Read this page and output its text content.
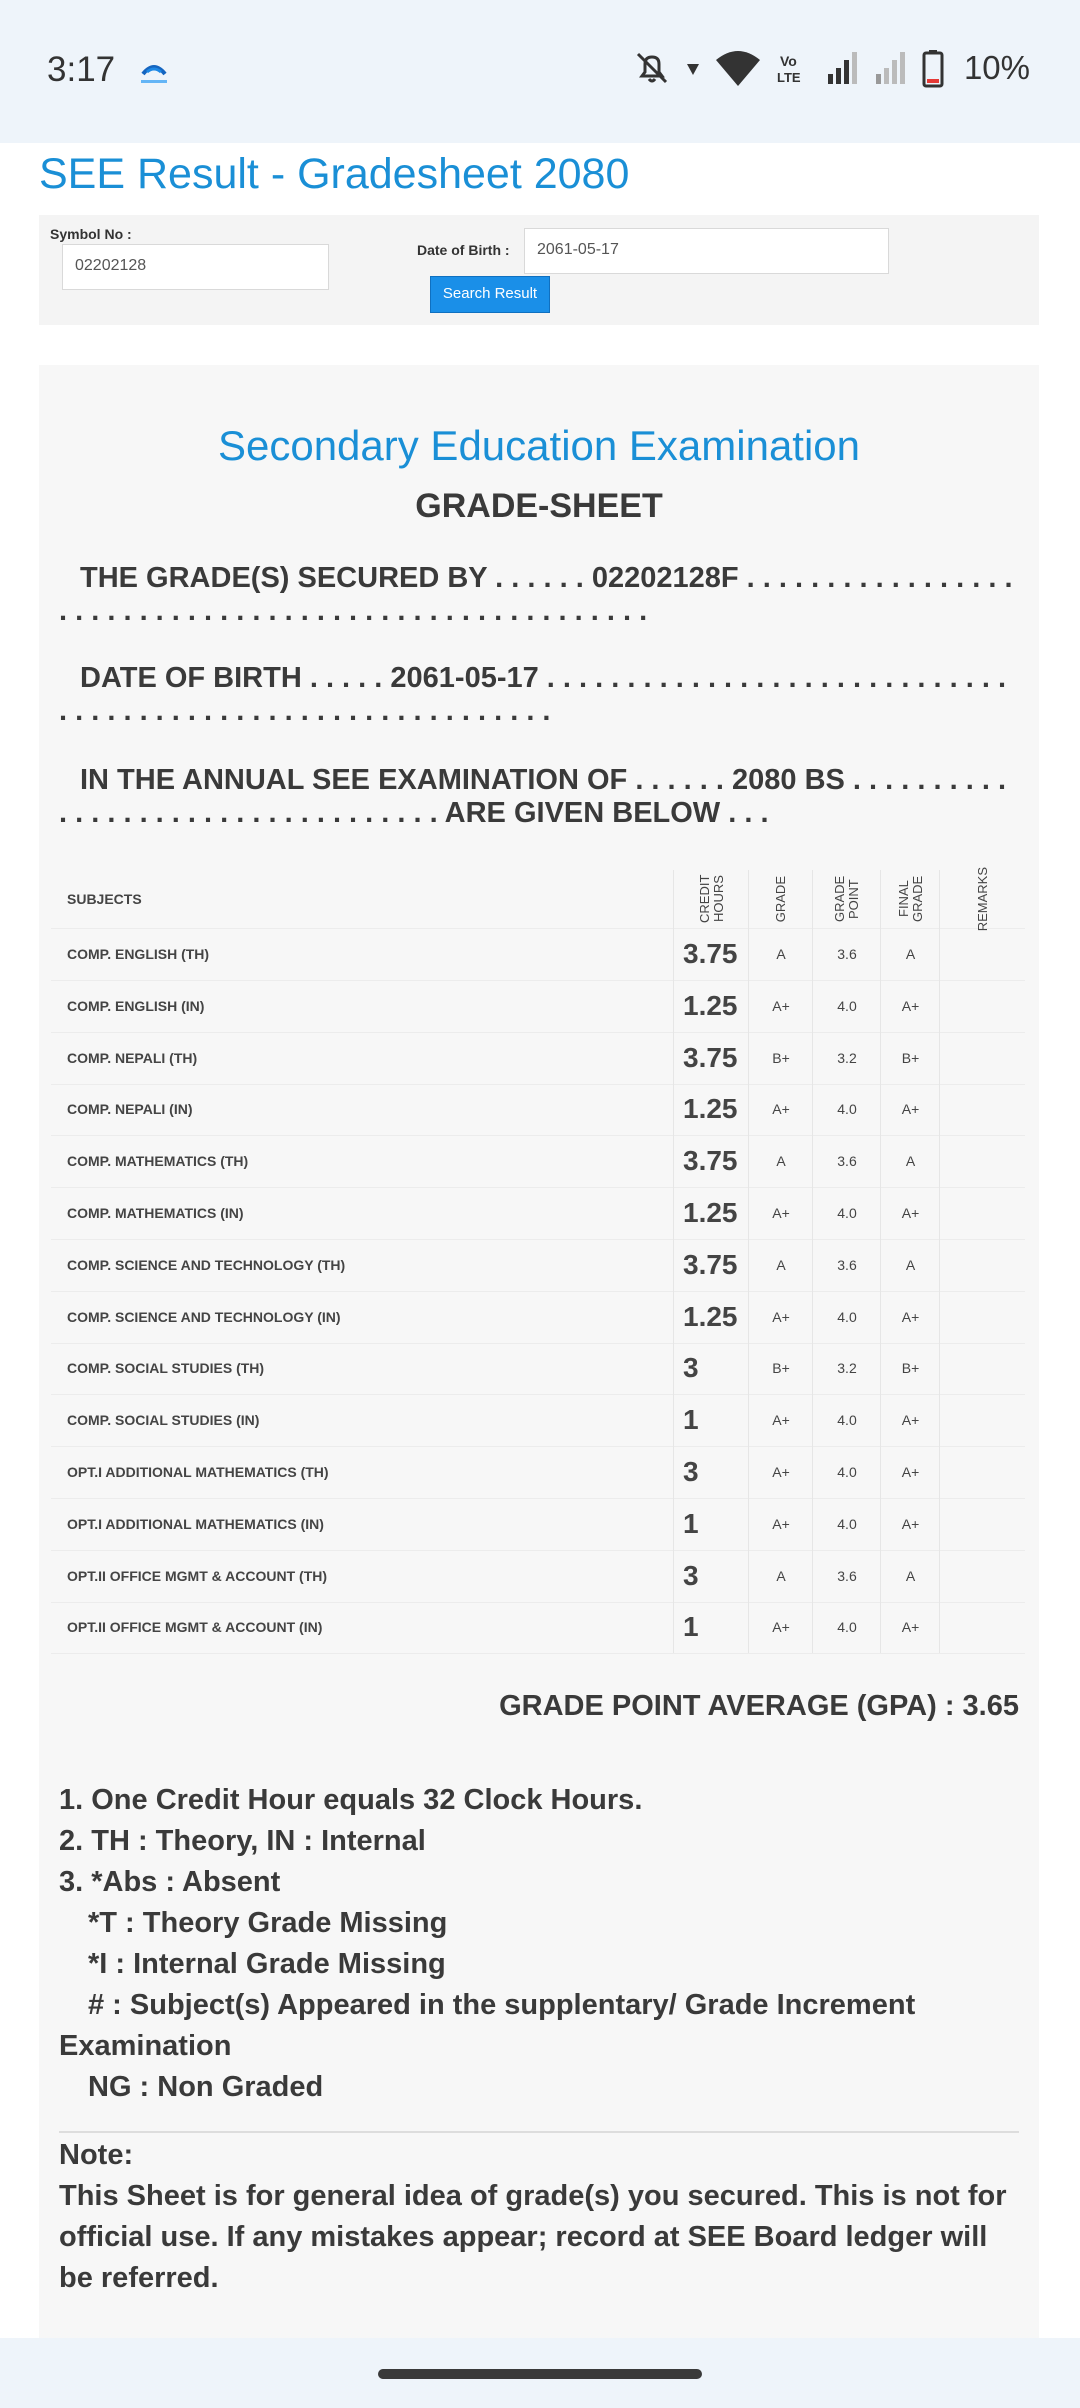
3:17	Vo
LTE	10%
SEE Result - Gradesheet 2080
Symbol No :
02202128
Date of Birth :	2061-05-17
Search Result
Secondary Education Examination
GRADE-SHEET
THE GRADE(S) SECURED BY . . . . . . 02202128F . . . . . . . . . . . . . . . . . . . . . . . . . . . . . . . . . . . . . . . . . . . . . . . . . . . . . .
DATE OF BIRTH . . . . . 2061-05-17 . . . . . . . . . . . . . . . . . . . . . . . . . . . . . . . . . . . . . . . . . . . . . . . . . . . . . . . . . . . .
IN THE ANNUAL SEE EXAMINATION OF . . . . . . 2080 BS . . . . . . . . . . . . . . . . . . . . . . . . . . . . . . . . . . ARE GIVEN BELOW . . .
SUBJECTS	CREDIT HOURS	GRADE	GRADE POINT	FINAL GRADE	REMARKS
COMP. ENGLISH (TH)	3.75	A	3.6	A
COMP. ENGLISH (IN)	1.25	A+	4.0	A+
COMP. NEPALI (TH)	3.75	B+	3.2	B+
COMP. NEPALI (IN)	1.25	A+	4.0	A+
COMP. MATHEMATICS (TH)	3.75	A	3.6	A
COMP. MATHEMATICS (IN)	1.25	A+	4.0	A+
COMP. SCIENCE AND TECHNOLOGY (TH)	3.75	A	3.6	A
COMP. SCIENCE AND TECHNOLOGY (IN)	1.25	A+	4.0	A+
COMP. SOCIAL STUDIES (TH)	3	B+	3.2	B+
COMP. SOCIAL STUDIES (IN)	1	A+	4.0	A+
OPT.I ADDITIONAL MATHEMATICS (TH)	3	A+	4.0	A+
OPT.I ADDITIONAL MATHEMATICS (IN)	1	A+	4.0	A+
OPT.II OFFICE MGMT & ACCOUNT (TH)	3	A	3.6	A
OPT.II OFFICE MGMT & ACCOUNT (IN)	1	A+	4.0	A+
GRADE POINT AVERAGE (GPA) : 3.65
1. One Credit Hour equals 32 Clock Hours.
2. TH : Theory, IN : Internal
3. *Abs : Absent
*T : Theory Grade Missing
*I : Internal Grade Missing
# : Subject(s) Appeared in the supplentary/ Grade Increment Examination
NG : Non Graded
Note:
This Sheet is for general idea of grade(s) you secured. This is not for official use. If any mistakes appear; record at SEE Board ledger will be referred.
